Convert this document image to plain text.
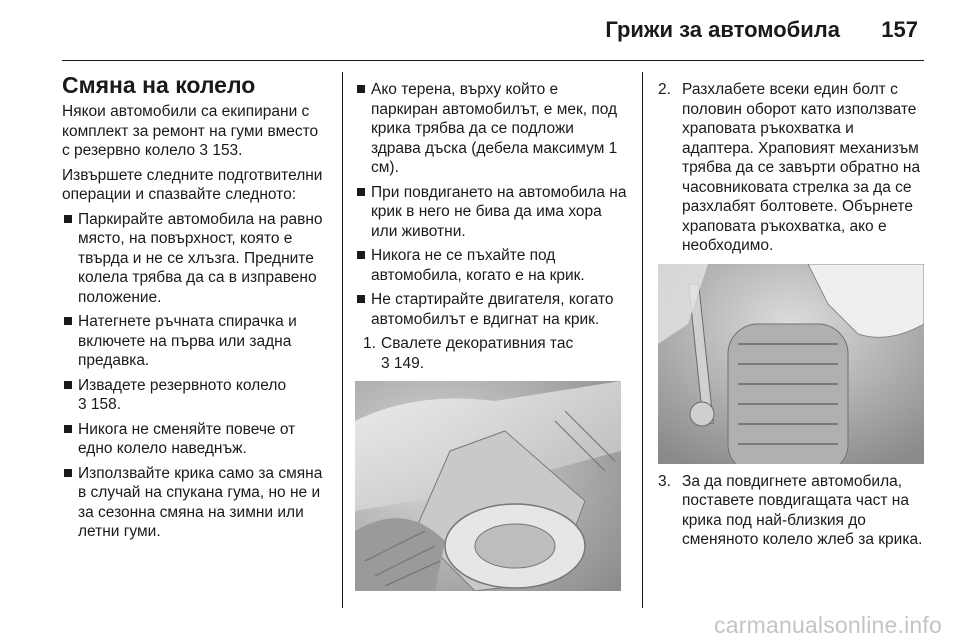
Грижи за автомобила 157
Смяна на колело

Някои автомобили са екипирани с комплект за ремонт на гуми вместо с резервно колело 3 153.

Извършете следните подготвителни операции и спазвайте следното:

Паркирайте автомобила на равно място, на повърхност, която е твърда и не се хлъзга. Предните колела трябва да са в изправено положение.
Натегнете ръчната спирачка и включете на първа или задна предавка.
Извадете резервното колело
3 158.
Никога не сменяйте повече от едно колело наведнъж.
Използвайте крика само за смяна в случай на спукана гума, но не и за сезонна смяна на зимни или летни гуми.
Ако терена, върху който е паркиран автомобилът, е мек, под крика трябва да се подложи здрава дъска (дебела максимум 1 см).
При повдигането на автомобила на крик в него не бива да има хора или животни.
Никога не се пъхайте под автомобила, когато е на крик.
Не стартирайте двигателя, когато автомобилът е вдигнат на крик.
1. Свалете декоративния тас
3 149.
2. Разхлабете всеки един болт с половин оборот като използвате храповата ръкохватка и адаптера. Храповият механизъм трябва да се завърти обратно на часовниковата стрелка за да се разхлабят болтовете. Обърнете храповата ръкохватка, ако е необходимо.
3. За да повдигнете автомобила, поставете повдигащата част на крика под най-близкия до сменяното колело жлеб за крика.
carmanualsonline.info
